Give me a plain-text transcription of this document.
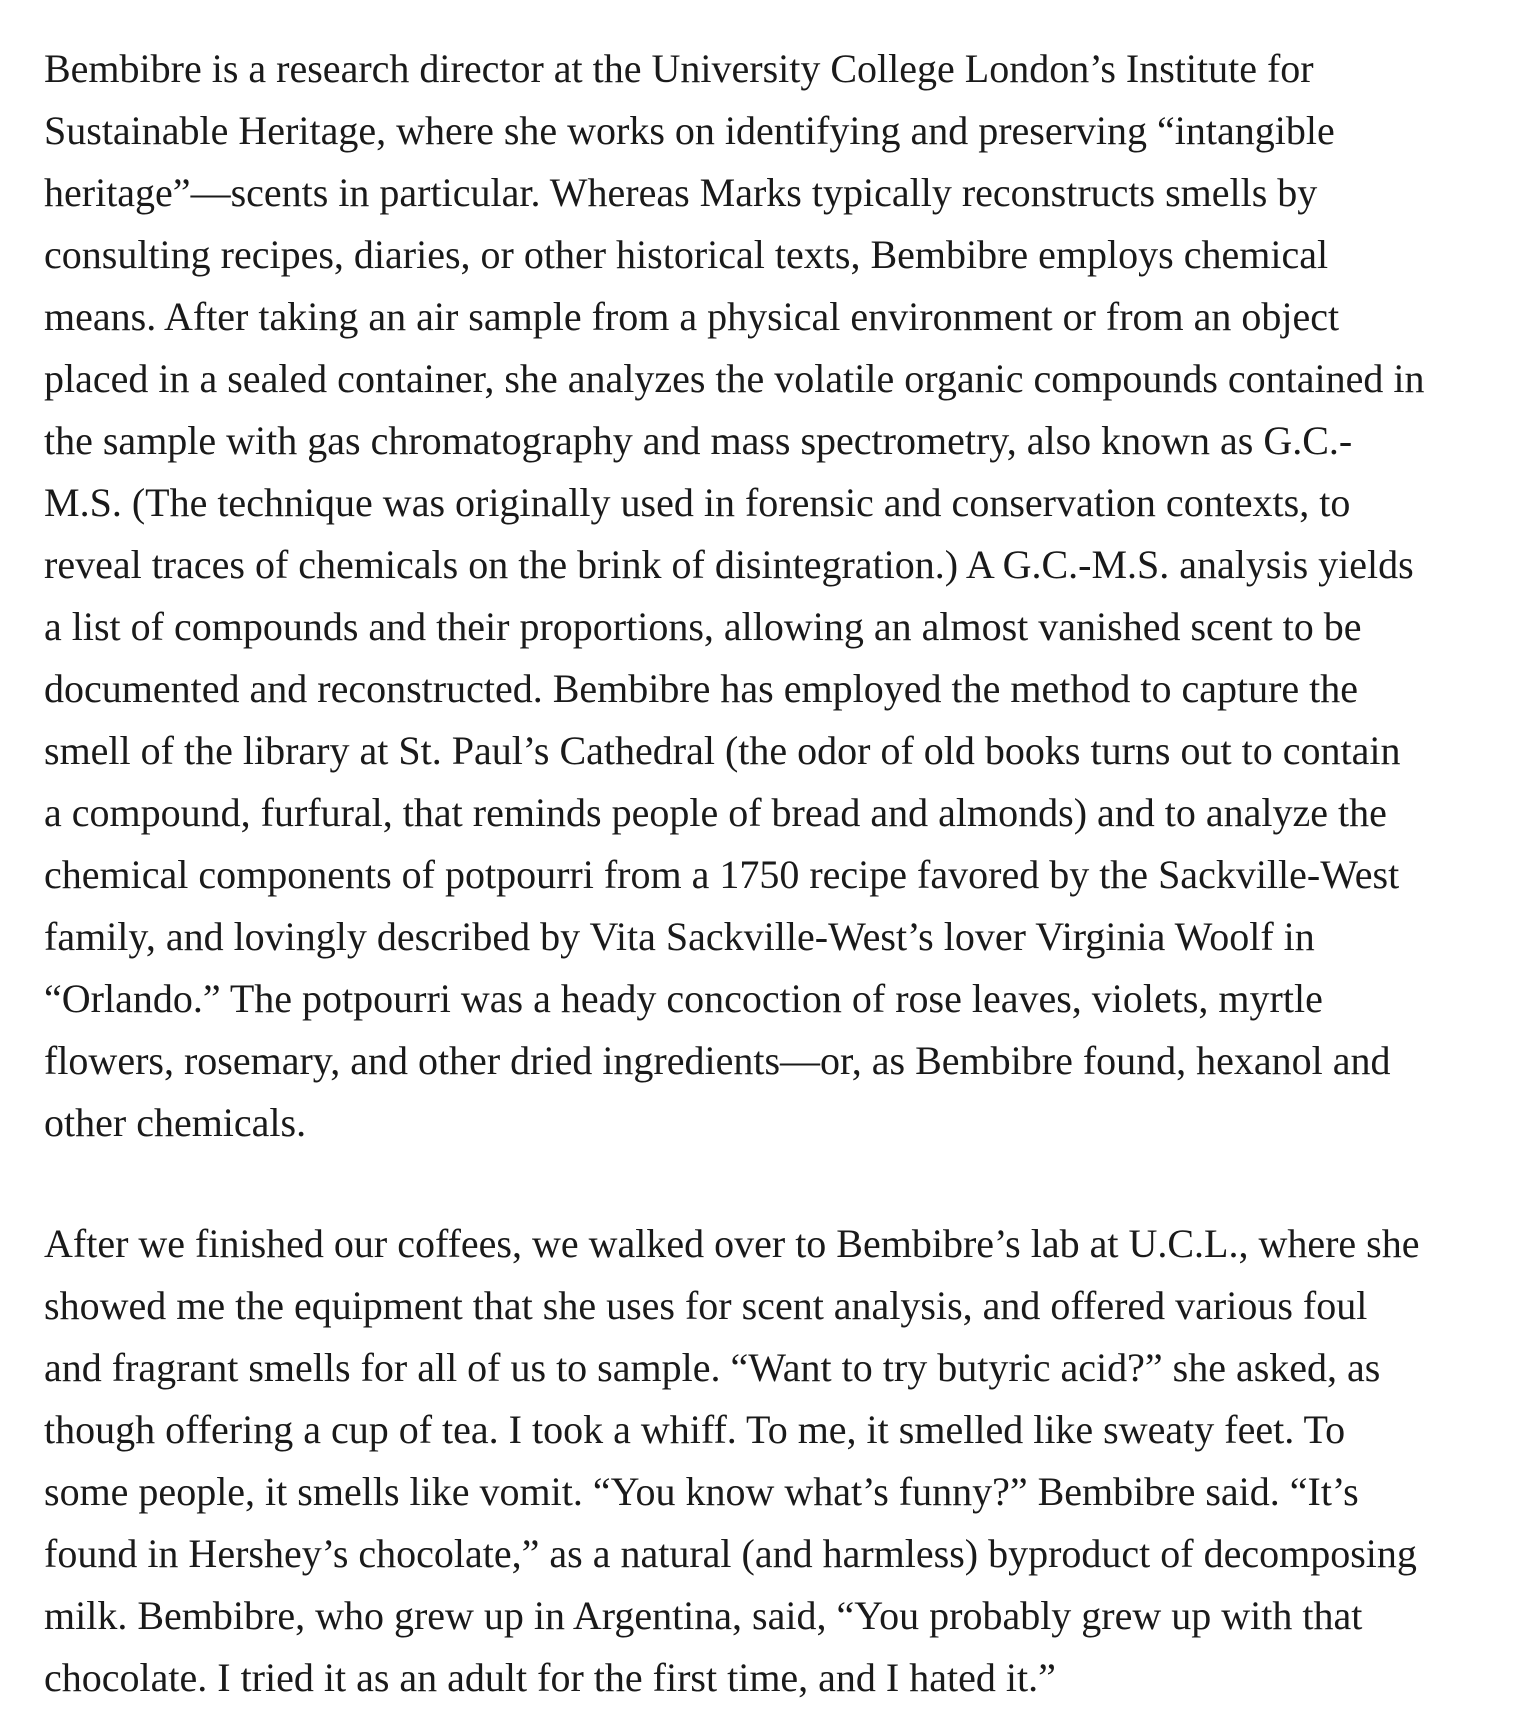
Bembibre is a research director at the University College London’s Institute for
Sustainable Heritage, where she works on identifying and preserving “intangible
heritage”—scents in particular. Whereas Marks typically reconstructs smells by
consulting recipes, diaries, or other historical texts, Bembibre employs chemical
means. After taking an air sample from a physical environment or from an object
placed in a sealed container, she analyzes the volatile organic compounds contained in
the sample with gas chromatography and mass spectrometry, also known as G.C.-
M.S. (The technique was originally used in forensic and conservation contexts, to
reveal traces of chemicals on the brink of disintegration.) A G.C.-M.S. analysis yields
a list of compounds and their proportions, allowing an almost vanished scent to be
documented and reconstructed. Bembibre has employed the method to capture the
smell of the library at St. Paul’s Cathedral (the odor of old books turns out to contain
a compound, furfural, that reminds people of bread and almonds) and to analyze the
chemical components of potpourri from a 1750 recipe favored by the Sackville-West
family, and lovingly described by Vita Sackville-West’s lover Virginia Woolf in
“Orlando.” The potpourri was a heady concoction of rose leaves, violets, myrtle
flowers, rosemary, and other dried ingredients—or, as Bembibre found, hexanol and
other chemicals.

After we finished our coffees, we walked over to Bembibre’s lab at U.C.L., where she
showed me the equipment that she uses for scent analysis, and offered various foul
and fragrant smells for all of us to sample. “Want to try butyric acid?” she asked, as
though offering a cup of tea. I took a whiff. To me, it smelled like sweaty feet. To
some people, it smells like vomit. “You know what’s funny?” Bembibre said. “It’s
found in Hershey’s chocolate,” as a natural (and harmless) byproduct of decomposing
milk. Bembibre, who grew up in Argentina, said, “You probably grew up with that
chocolate. I tried it as an adult for the first time, and I hated it.”
